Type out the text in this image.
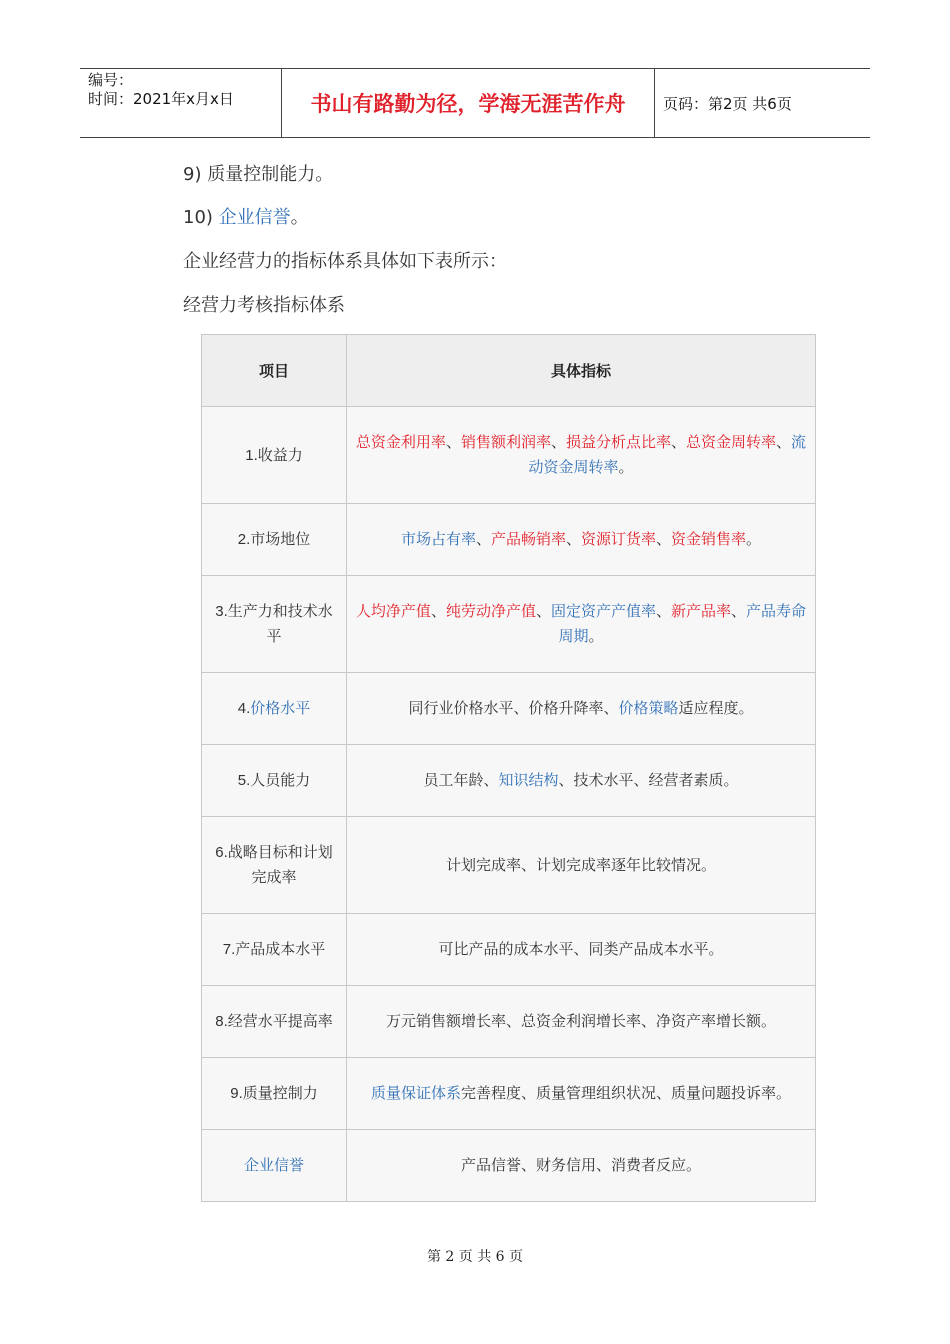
编号：
时间：2021年x月x日	书山有路勤为径，学海无涯苦作舟	页码：第2页 共6页
9) 质量控制能力。
10) 企业信誉。
企业经营力的指标体系具体如下表所示：
经营力考核指标体系
项目	具体指标
1.收益力	总资金利用率、销售额利润率、损益分析点比率、总资金周转率、流动资金周转率。
2.市场地位	市场占有率、产品畅销率、资源订货率、资金销售率。
3.生产力和技术水平	人均净产值、纯劳动净产值、固定资产产值率、新产品率、产品寿命周期。
4.价格水平	同行业价格水平、价格升降率、价格策略适应程度。
5.人员能力	员工年龄、知识结构、技术水平、经营者素质。
6.战略目标和计划完成率	计划完成率、计划完成率逐年比较情况。
7.产品成本水平	可比产品的成本水平、同类产品成本水平。
8.经营水平提高率	万元销售额增长率、总资金利润增长率、净资产率增长额。
9.质量控制力	质量保证体系完善程度、质量管理组织状况、质量问题投诉率。
企业信誉	产品信誉、财务信用、消费者反应。
第 2 页 共 6 页
